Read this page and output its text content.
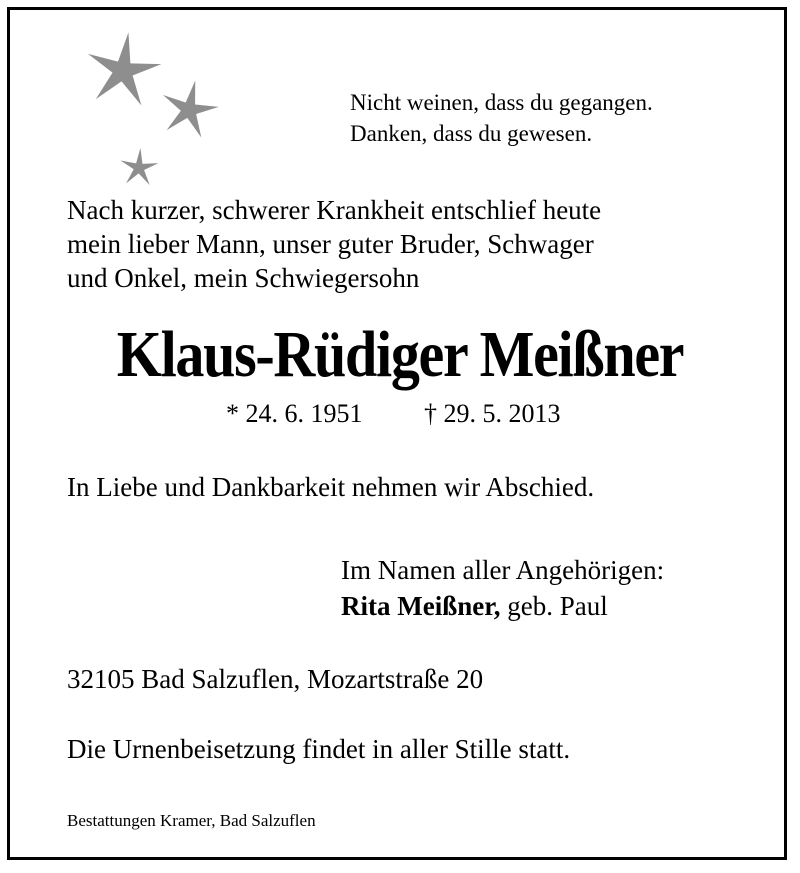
Nicht weinen, dass du gegangen.
Danken, dass du gewesen.
Nach kurzer, schwerer Krankheit entschlief heute
mein lieber Mann, unser guter Bruder, Schwager
und Onkel, mein Schwiegersohn
Klaus-Rüdiger Meißner
* 24. 6. 1951 † 29. 5. 2013
In Liebe und Dankbarkeit nehmen wir Abschied.
Im Namen aller Angehörigen:
Rita Meißner, geb. Paul
32105 Bad Salzuflen, Mozartstraße 20
Die Urnenbeisetzung findet in aller Stille statt.
Bestattungen Kramer, Bad Salzuflen
